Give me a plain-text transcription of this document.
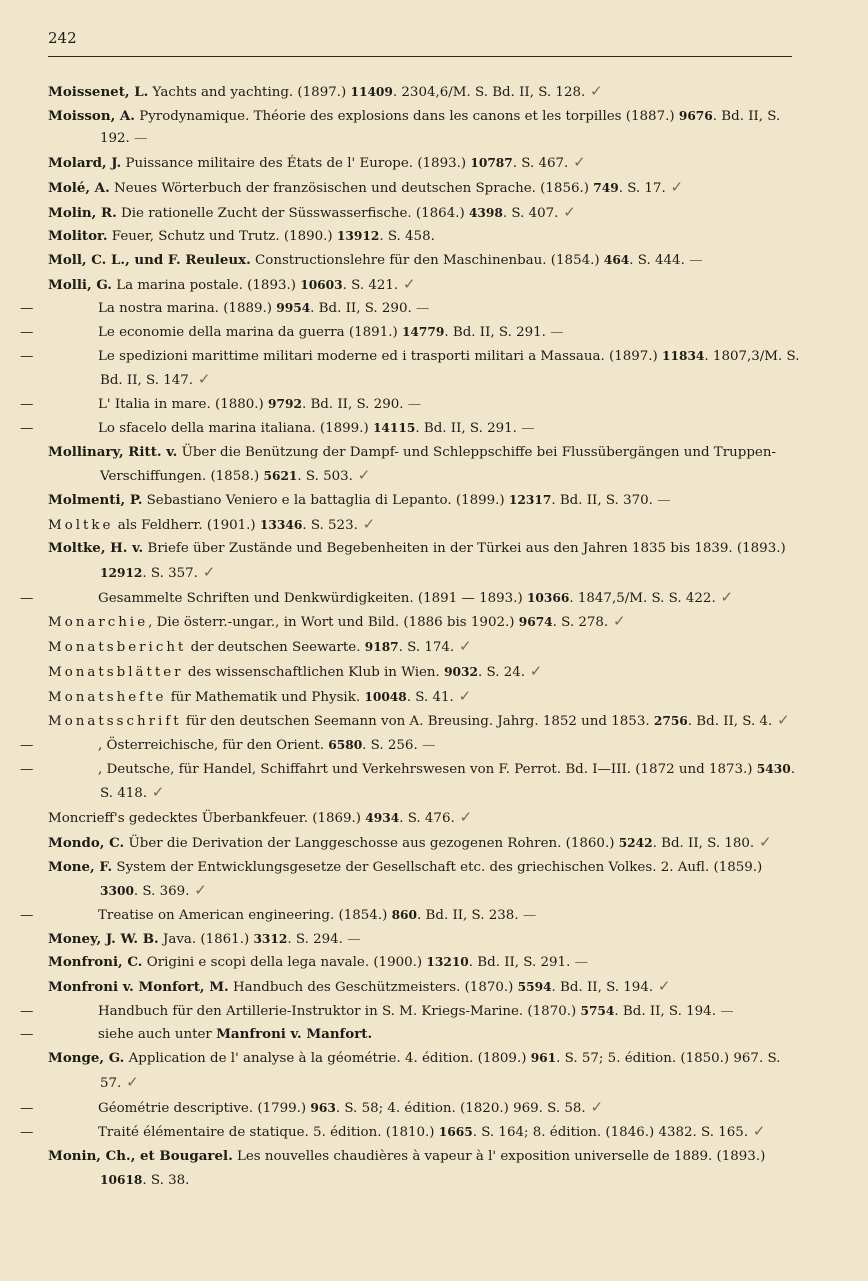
242
Moissenet, L. Yachts and yachting. (1897.) 11409. 2304,6/M. S. Bd. II, S. 128. ✓
Moisson, A. Pyrodynamique. Théorie des explosions dans les canons et les torpilles (1887.) 9676. Bd. II, S. 192. —
Molard, J. Puissance militaire des États de l' Europe. (1893.) 10787. S. 467. ✓
Molé, A. Neues Wörterbuch der französischen und deutschen Sprache. (1856.) 749. S. 17. ✓
Molin, R. Die rationelle Zucht der Süsswasserfische. (1864.) 4398. S. 407. ✓
Molitor. Feuer, Schutz und Trutz. (1890.) 13912. S. 458.
Moll, C. L., und F. Reuleux. Constructionslehre für den Maschinenbau. (1854.) 464. S. 444. —
Molli, G. La marina postale. (1893.) 10603. S. 421. ✓
—	La nostra marina. (1889.) 9954. Bd. II, S. 290. —
—	Le economie della marina da guerra (1891.) 14779. Bd. II, S. 291. —
—	Le spedizioni marittime militari moderne ed i trasporti militari a Massaua. (1897.) 11834. 1807,3/M. S. Bd. II, S. 147. ✓
—	L' Italia in mare. (1880.) 9792. Bd. II, S. 290. —
—	Lo sfacelo della marina italiana. (1899.) 14115. Bd. II, S. 291. —
Mollinary, Ritt. v. Über die Benützung der Dampf- und Schleppschiffe bei Flussübergängen und Truppen-Verschiffungen. (1858.) 5621. S. 503. ✓
Molmenti, P. Sebastiano Veniero e la battaglia di Lepanto. (1899.) 12317. Bd. II, S. 370. —
Moltke als Feldherr. (1901.) 13346. S. 523. ✓
Moltke, H. v. Briefe über Zustände und Begebenheiten in der Türkei aus den Jahren 1835 bis 1839. (1893.) 12912. S. 357. ✓
—	Gesammelte Schriften und Denkwürdigkeiten. (1891 — 1893.) 10366. 1847,5/M. S. S. 422. ✓
Monarchie, Die österr.-ungar., in Wort und Bild. (1886 bis 1902.) 9674. S. 278. ✓
Monatsbericht der deutschen Seewarte. 9187. S. 174. ✓
Monatsblätter des wissenschaftlichen Klub in Wien. 9032. S. 24. ✓
Monatshefte für Mathematik und Physik. 10048. S. 41. ✓
Monatsschrift für den deutschen Seemann von A. Breusing. Jahrg. 1852 und 1853. 2756. Bd. II, S. 4. ✓
—	, Österreichische, für den Orient. 6580. S. 256. —
—	, Deutsche, für Handel, Schiffahrt und Verkehrswesen von F. Perrot. Bd. I—III. (1872 und 1873.) 5430. S. 418. ✓
Moncrieff's gedecktes Überbankfeuer. (1869.) 4934. S. 476. ✓
Mondo, C. Über die Derivation der Langgeschosse aus gezogenen Rohren. (1860.) 5242. Bd. II, S. 180. ✓
Mone, F. System der Entwicklungsgesetze der Gesellschaft etc. des griechischen Volkes. 2. Aufl. (1859.) 3300. S. 369. ✓
—	Treatise on American engineering. (1854.) 860. Bd. II, S. 238. —
Money, J. W. B. Java. (1861.) 3312. S. 294. —
Monfroni, C. Origini e scopi della lega navale. (1900.) 13210. Bd. II, S. 291. —
Monfroni v. Monfort, M. Handbuch des Geschützmeisters. (1870.) 5594. Bd. II, S. 194. ✓
—	Handbuch für den Artillerie-Instruktor in S. M. Kriegs-Marine. (1870.) 5754. Bd. II, S. 194. —
—	siehe auch unter Manfroni v. Manfort.
Monge, G. Application de l' analyse à la géométrie. 4. édition. (1809.) 961. S. 57; 5. édition. (1850.) 967. S. 57. ✓
—	Géométrie descriptive. (1799.) 963. S. 58; 4. édition. (1820.) 969. S. 58. ✓
—	Traité élémentaire de statique. 5. édition. (1810.) 1665. S. 164; 8. édition. (1846.) 4382. S. 165. ✓
Monin, Ch., et Bougarel. Les nouvelles chaudières à vapeur à l' exposition universelle de 1889. (1893.) 10618. S. 38.
